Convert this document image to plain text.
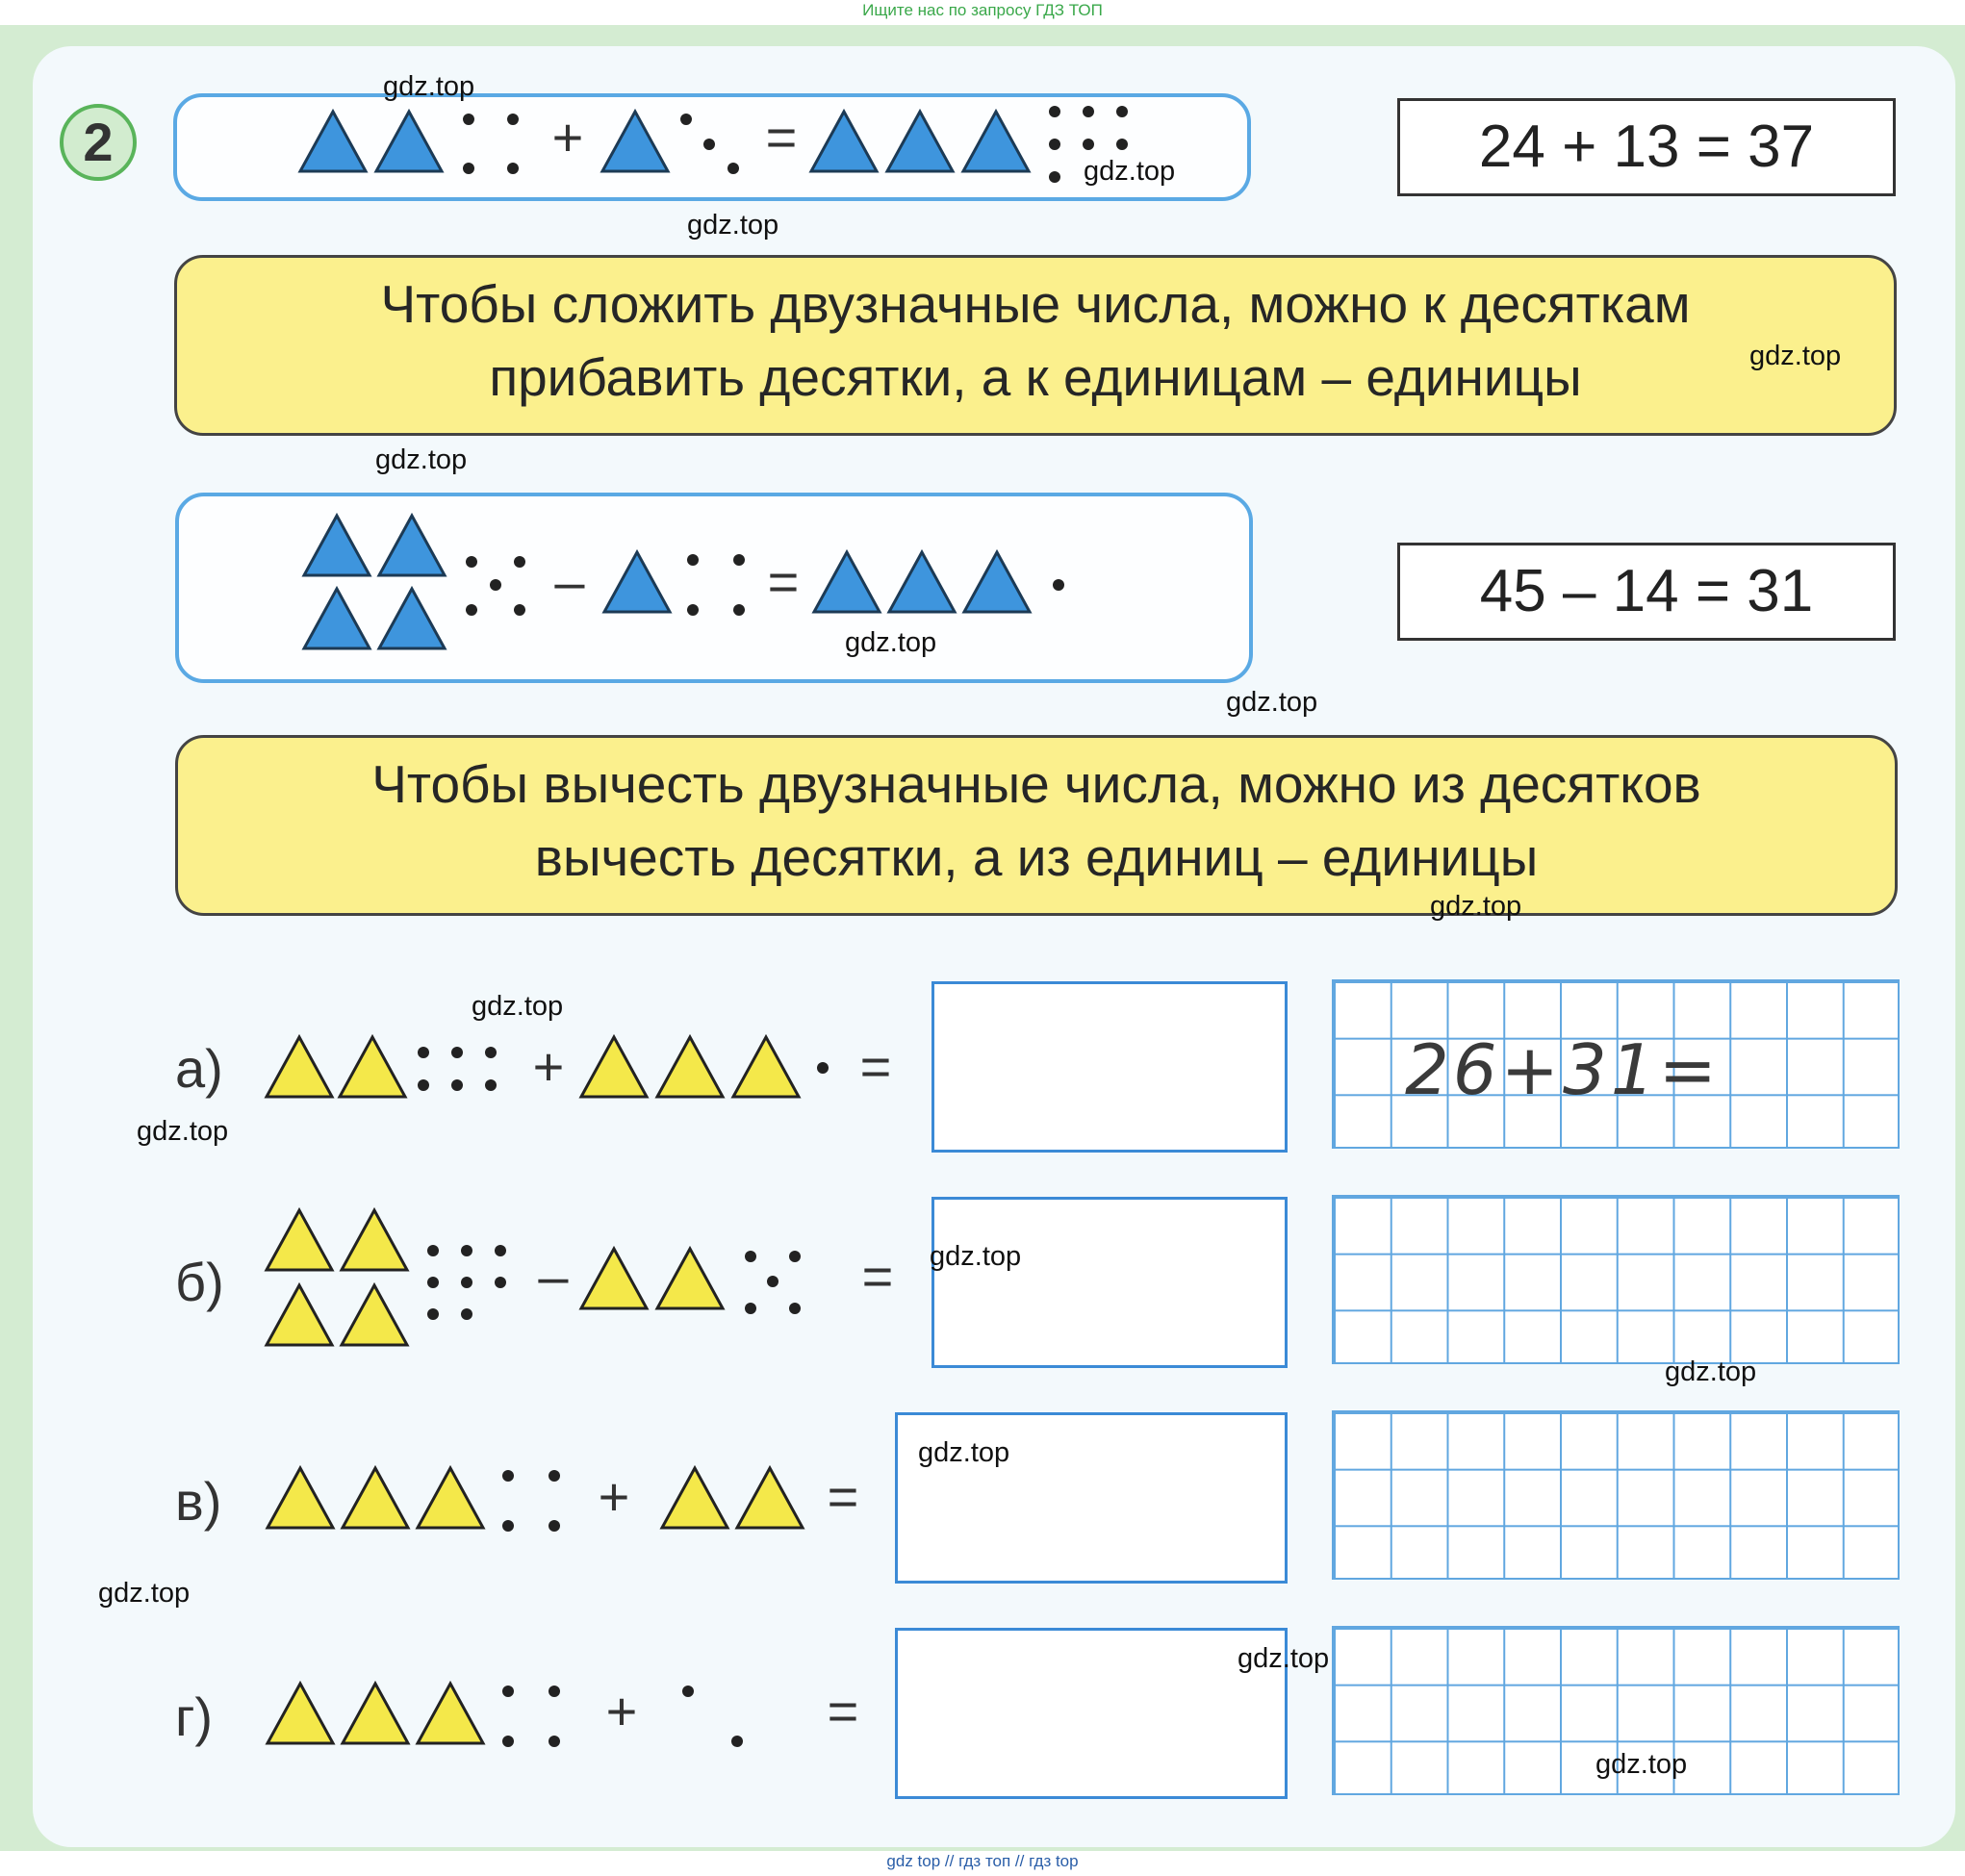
Ищите нас по запросу ГДЗ ТОП
2	24 + 13 = 37
Чтобы сложить двузначные числа, можно к десяткам
прибавить десятки, а к единицам – единицы
45 – 14 = 31
Чтобы вычесть двузначные числа, можно из десятков
вычесть десятки, а из единиц – единицы
а)
б)
в)
г)
26+31=
+	=
–	=
+	=
–	=
+	=
+	=
gdz.top
gdz.top
gdz.top
gdz.top
gdz.top
gdz.top
gdz.top
gdz.top
gdz.top
gdz.top
gdz.top
gdz.top
gdz.top
gdz.top
gdz.top
gdz.top
gdz top // гдз топ // гдз top
